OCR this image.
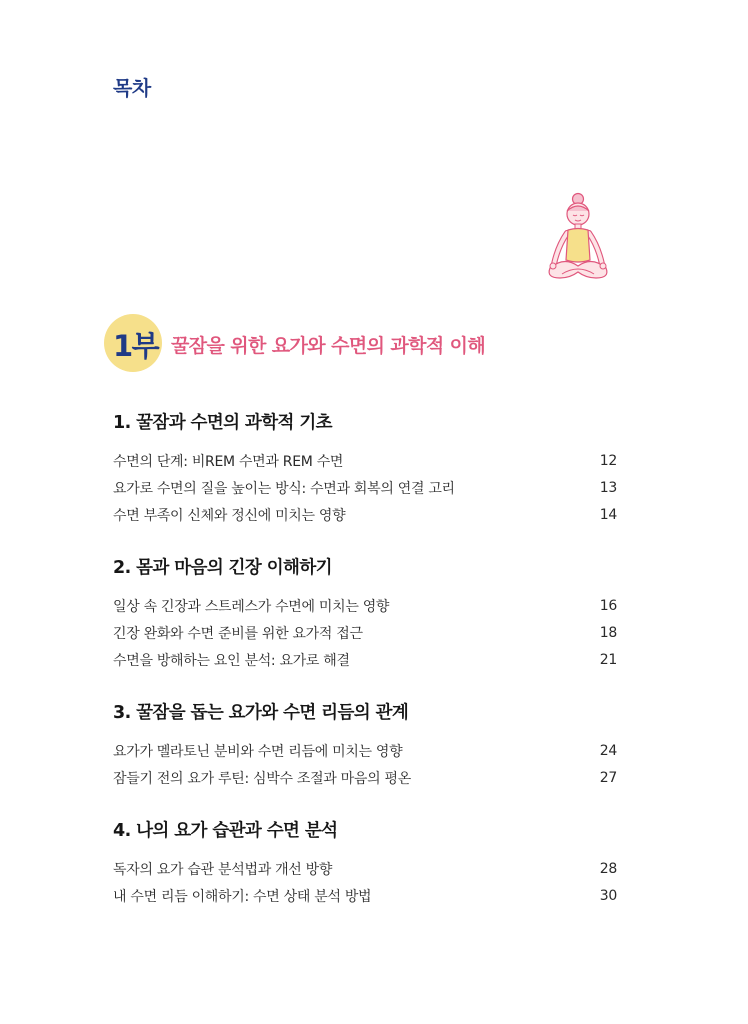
목차
1부 꿀잠을 위한 요가와 수면의 과학적 이해
1. 꿀잠과 수면의 과학적 기초
수면의 단계: 비REM 수면과 REM 수면	12
요가로 수면의 질을 높이는 방식: 수면과 회복의 연결 고리	13
수면 부족이 신체와 정신에 미치는 영향	14
2. 몸과 마음의 긴장 이해하기
일상 속 긴장과 스트레스가 수면에 미치는 영향	16
긴장 완화와 수면 준비를 위한 요가적 접근	18
수면을 방해하는 요인 분석: 요가로 해결	21
3. 꿀잠을 돕는 요가와 수면 리듬의 관계
요가가 멜라토닌 분비와 수면 리듬에 미치는 영향	24
잠들기 전의 요가 루틴: 심박수 조절과 마음의 평온	27
4. 나의 요가 습관과 수면 분석
독자의 요가 습관 분석법과 개선 방향	28
내 수면 리듬 이해하기: 수면 상태 분석 방법	30
